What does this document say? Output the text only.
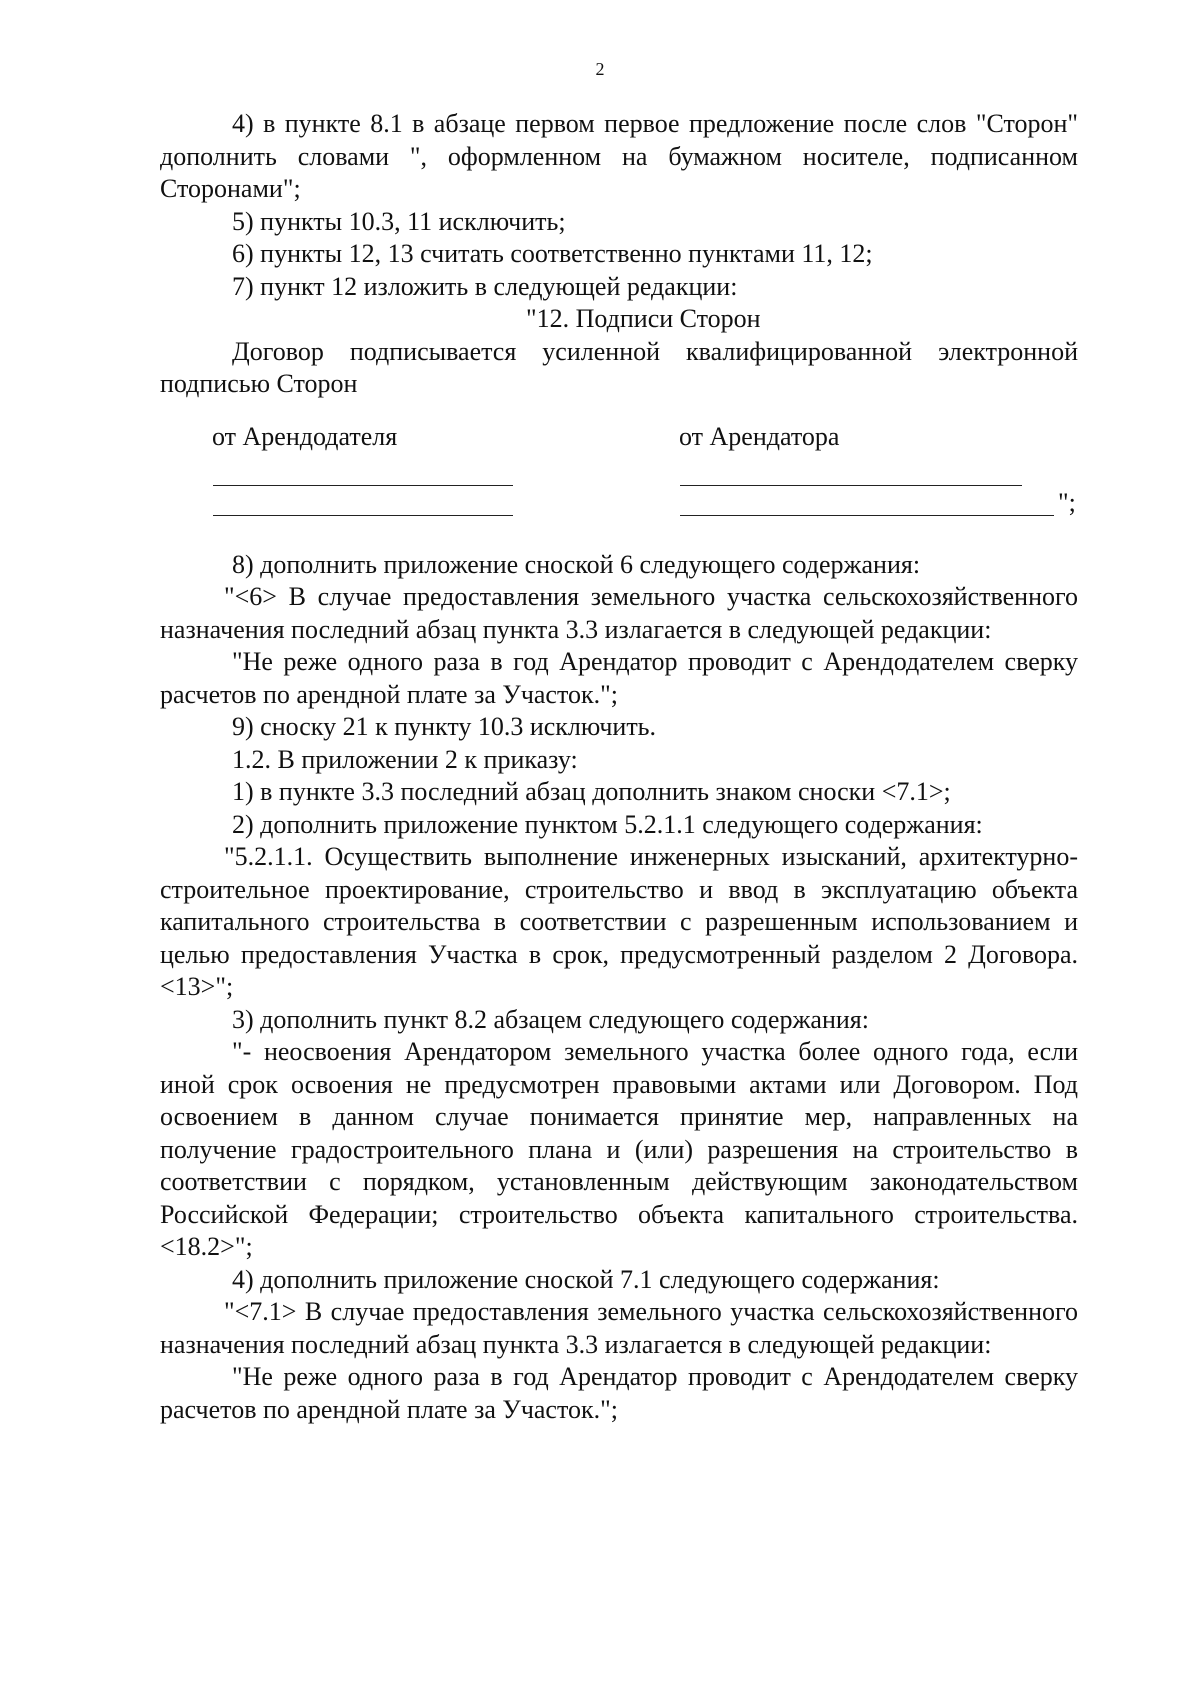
2

4) в пункте 8.1 в абзаце первом первое предложение после слов "Сторон" дополнить словами ", оформленном на бумажном носителе, подписанном Сторонами";

5) пункты 10.3, 11 исключить;

6) пункты 12, 13 считать соответственно пунктами 11, 12;

7) пункт 12 изложить в следующей редакции:

"12. Подписи Сторон

Договор подписывается усиленной квалифицированной электронной подписью Сторон

от Арендодателя	от Арендатора
";

8) дополнить приложение сноской 6 следующего содержания:

"<6> В случае предоставления земельного участка сельскохозяйственного назначения последний абзац пункта 3.3 излагается в следующей редакции:

"Не реже одного раза в год Арендатор проводит с Арендодателем сверку расчетов по арендной плате за Участок.";

9) сноску 21 к пункту 10.3 исключить.

1.2. В приложении 2 к приказу:

1) в пункте 3.3 последний абзац дополнить знаком сноски <7.1>;

2) дополнить приложение пунктом 5.2.1.1 следующего содержания:

"5.2.1.1. Осуществить выполнение инженерных изысканий, архитектурно-строительное проектирование, строительство и ввод в эксплуатацию объекта капитального строительства в соответствии с разрешенным использованием и целью предоставления Участка в срок, предусмотренный разделом 2 Договора. <13>";

3) дополнить пункт 8.2 абзацем следующего содержания:

"- неосвоения Арендатором земельного участка более одного года, если иной срок освоения не предусмотрен правовыми актами или Договором. Под освоением в данном случае понимается принятие мер, направленных на получение градостроительного плана и (или) разрешения на строительство в соответствии с порядком, установленным действующим законодательством Российской Федерации; строительство объекта капитального строительства. <18.2>";

4) дополнить приложение сноской 7.1 следующего содержания:

"<7.1> В случае предоставления земельного участка сельскохозяйственного назначения последний абзац пункта 3.3 излагается в следующей редакции:

"Не реже одного раза в год Арендатор проводит с Арендодателем сверку расчетов по арендной плате за Участок.";
